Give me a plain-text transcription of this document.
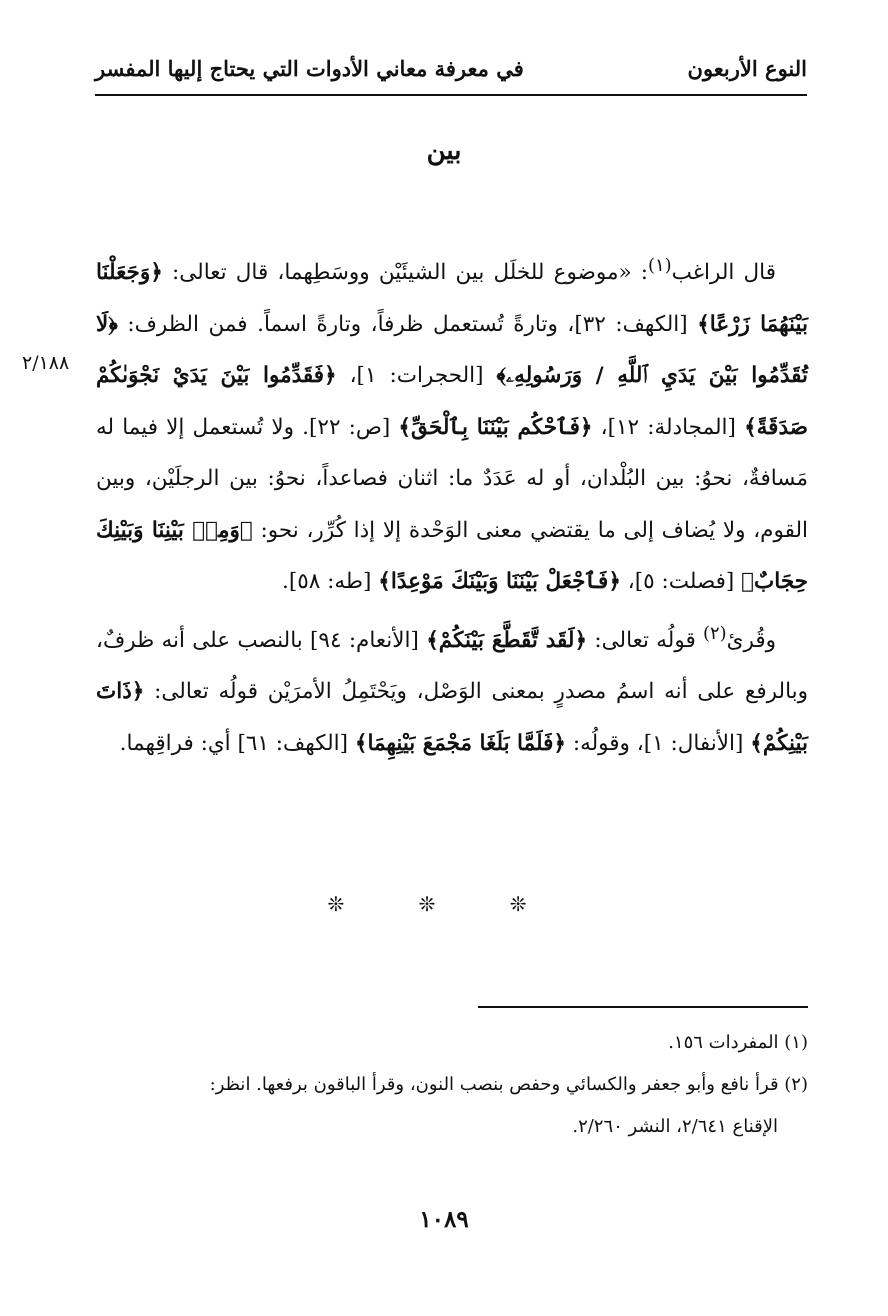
النوع الأربعون
في معرفة معاني الأدوات التي يحتاج إليها المفسر
بين
٢/١٨٨

قال الراغب$^{(١)}$: «موضوع للخلَل بين الشيئَيْن ووسَطِهما، قال تعالى: ﴿وَجَعَلْنَا بَيْنَهُمَا زَرْعًا﴾ [الكهف: ٣٢]، وتارةً تُستعمل ظرفاً، وتارةً اسماً. فمن الظرف: ﴿لَا تُقَدِّمُوا بَيْنَ يَدَيِ ٱللَّهِ / وَرَسُولِهِۦ﴾ [الحجرات: ١]، ﴿فَقَدِّمُوا بَيْنَ يَدَيْ نَجْوَىٰكُمْ صَدَقَةً﴾ [المجادلة: ١٢]، ﴿فَٱحْكُم بَيْنَنَا بِٱلْحَقِّ﴾ [ص: ٢٢]. ولا تُستعمل إلا فيما له مَسافةٌ، نحوُ: بين البُلْدان، أو له عَدَدٌ ما: اثنان فصاعداً، نحوُ: بين الرجلَيْن، وبين القوم، ولا يُضاف إلى ما يقتضي معنى الوَحْدة إلا إذا كُرِّر، نحو: ﴿وَمِنۢ بَيْنِنَا وَبَيْنِكَ حِجَابٌ﴾ [فصلت: ٥]، ﴿فَٱجْعَلْ بَيْنَنَا وَبَيْنَكَ مَوْعِدًا﴾ [طه: ٥٨].

وقُرئ$^{(٢)}$ قولُه تعالى: ﴿لَقَد تَّقَطَّعَ بَيْنَكُمْ﴾ [الأنعام: ٩٤] بالنصب على أنه ظرفٌ، وبالرفع على أنه اسمُ مصدرٍ بمعنى الوَصْل، ويَحْتَمِلُ الأمرَيْن قولُه تعالى: ﴿ذَاتَ بَيْنِكُمْ﴾ [الأنفال: ١]، وقولُه: ﴿فَلَمَّا بَلَغَا مَجْمَعَ بَيْنِهِمَا﴾ [الكهف: ٦١] أي: فراقِهما.

❊ ❊ ❊

(١) المفردات ١٥٦.

(٢) قرأ نافع وأبو جعفر والكسائي وحفص بنصب النون، وقرأ الباقون برفعها. انظر:

الإقناع ٢/٦٤١، النشر ٢/٢٦٠.

١٠٨٩
